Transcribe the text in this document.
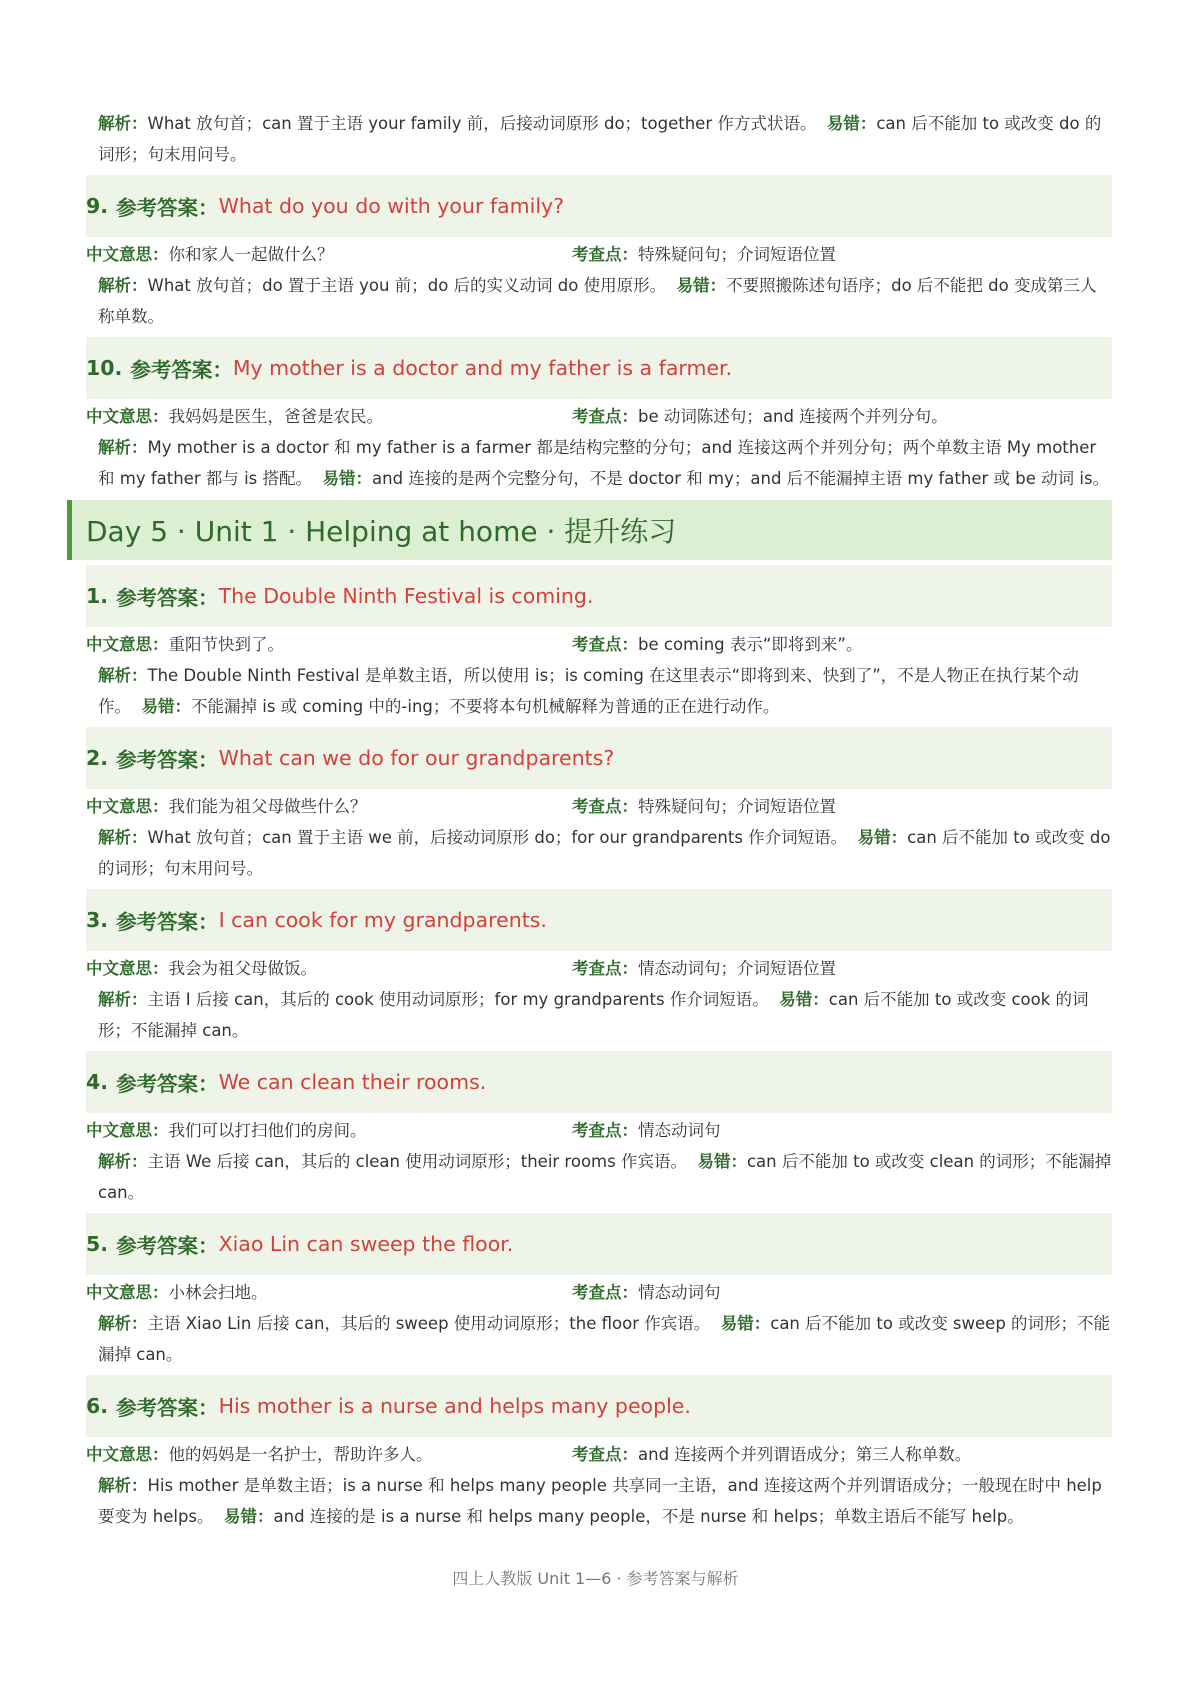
解析：What 放句首；can 置于主语 your family 前，后接动词原形 do；together 作方式状语。 易错：can 后不能加 to 或改变 do 的词形；句末用问号。

9. 参考答案： What do you do with your family?
中文意思：你和家人一起做什么？	考查点：特殊疑问句；介词短语位置

解析：What 放句首；do 置于主语 you 前；do 后的实义动词 do 使用原形。 易错：不要照搬陈述句语序；do 后不能把 do 变成第三人称单数。

10. 参考答案： My mother is a doctor and my father is a farmer.
中文意思：我妈妈是医生，爸爸是农民。	考查点：be 动词陈述句；and 连接两个并列分句。

解析：My mother is a doctor 和 my father is a farmer 都是结构完整的分句；and 连接这两个并列分句；两个单数主语 My mother 和 my father 都与 is 搭配。 易错：and 连接的是两个完整分句，不是 doctor 和 my；and 后不能漏掉主语 my father 或 be 动词 is。

Day 5 · Unit 1 · Helping at home · 提升练习
1. 参考答案： The Double Ninth Festival is coming.
中文意思：重阳节快到了。	考查点：be coming 表示“即将到来”。

解析：The Double Ninth Festival 是单数主语，所以使用 is；is coming 在这里表示“即将到来、快到了”，不是人物正在执行某个动作。 易错：不能漏掉 is 或 coming 中的-ing；不要将本句机械解释为普通的正在进行动作。

2. 参考答案： What can we do for our grandparents?
中文意思：我们能为祖父母做些什么？	考查点：特殊疑问句；介词短语位置

解析：What 放句首；can 置于主语 we 前，后接动词原形 do；for our grandparents 作介词短语。 易错：can 后不能加 to 或改变 do 的词形；句末用问号。

3. 参考答案： I can cook for my grandparents.
中文意思：我会为祖父母做饭。	考查点：情态动词句；介词短语位置

解析：主语 I 后接 can，其后的 cook 使用动词原形；for my grandparents 作介词短语。 易错：can 后不能加 to 或改变 cook 的词形；不能漏掉 can。

4. 参考答案： We can clean their rooms.
中文意思：我们可以打扫他们的房间。	考查点：情态动词句

解析：主语 We 后接 can，其后的 clean 使用动词原形；their rooms 作宾语。 易错：can 后不能加 to 或改变 clean 的词形；不能漏掉 can。

5. 参考答案： Xiao Lin can sweep the floor.
中文意思：小林会扫地。	考查点：情态动词句

解析：主语 Xiao Lin 后接 can，其后的 sweep 使用动词原形；the floor 作宾语。 易错：can 后不能加 to 或改变 sweep 的词形；不能漏掉 can。

6. 参考答案： His mother is a nurse and helps many people.
中文意思：他的妈妈是一名护士，帮助许多人。	考查点：and 连接两个并列谓语成分；第三人称单数。

解析：His mother 是单数主语；is a nurse 和 helps many people 共享同一主语，and 连接这两个并列谓语成分；一般现在时中 help 要变为 helps。 易错：and 连接的是 is a nurse 和 helps many people，不是 nurse 和 helps；单数主语后不能写 help。

四上人教版 Unit 1—6 · 参考答案与解析
